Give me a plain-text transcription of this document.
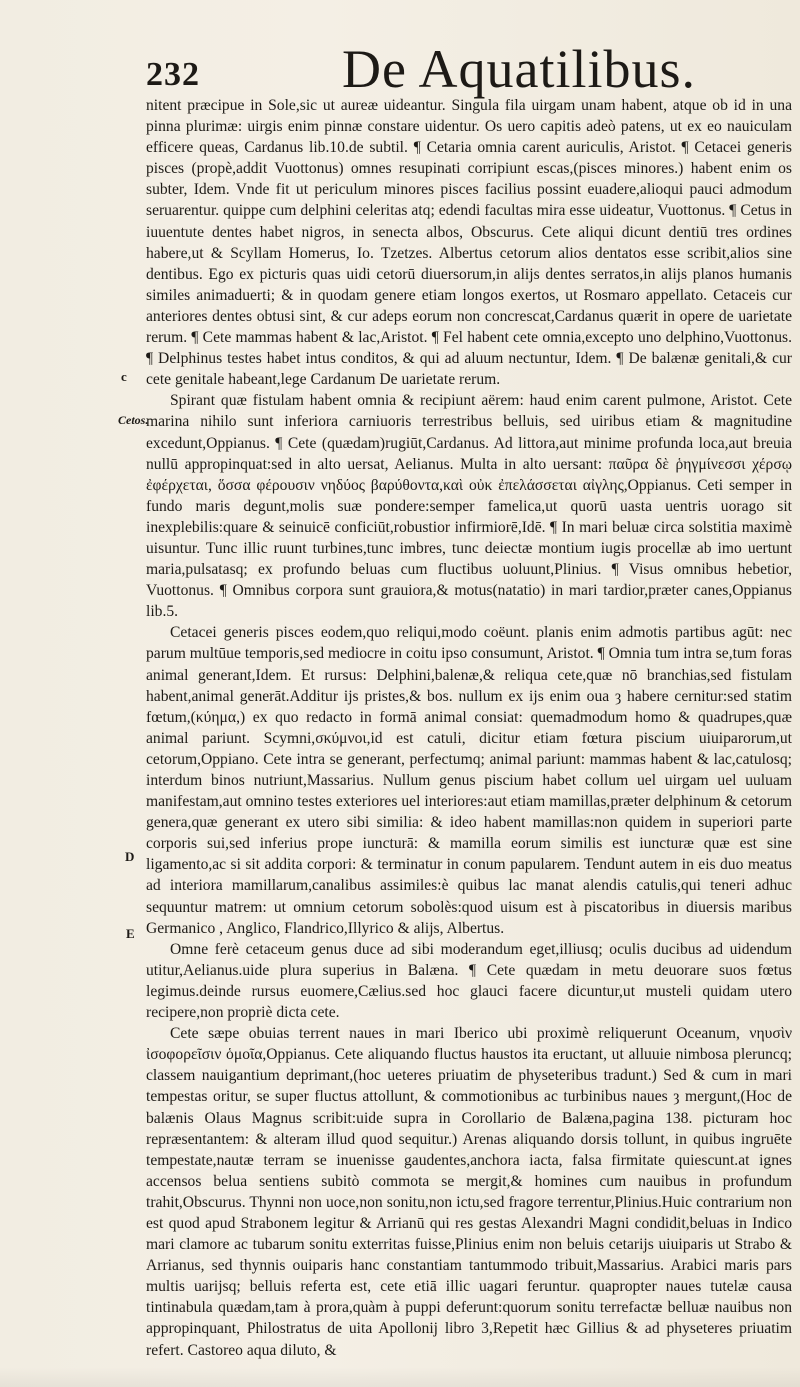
232	De Aquatilibus.
c
Cetos.
D
E

nitent præcipue in Sole,sic ut aureæ uideantur. Singula fila uirgam unam habent, atque ob id in una pinna plurimæ: uirgis enim pinnæ constare uidentur. Os uero capitis adeò patens, ut ex eo nauiculam efficere queas, Cardanus lib.10.de subtil. ¶ Cetaria omnia carent auriculis, Aristot. ¶ Cetacei generis pisces (propè,addit Vuottonus) omnes resupinati corripiunt escas,(pisces minores.) habent enim os subter, Idem. Vnde fit ut periculum minores pisces facilius possint euadere,alioqui pauci admodum seruarentur. quippe cum delphini celeritas atq; edendi facultas mira esse uideatur, Vuottonus. ¶ Cetus in iuuentute dentes habet nigros, in senecta albos, Obscurus. Cete aliqui dicunt dentiū tres ordines habere,ut & Scyllam Homerus, Io. Tzetzes. Albertus cetorum alios dentatos esse scribit,alios sine dentibus. Ego ex picturis quas uidi cetorū diuersorum,in alijs dentes serratos,in alijs planos humanis similes animaduerti; & in quodam genere etiam longos exertos, ut Rosmaro appellato. Cetaceis cur anteriores dentes obtusi sint, & cur adeps eorum non concrescat,Cardanus quærit in opere de uarietate rerum. ¶ Cete mammas habent & lac,Aristot. ¶ Fel habent cete omnia,excepto uno delphino,Vuottonus. ¶ Delphinus testes habet intus conditos, & qui ad aluum nectuntur, Idem. ¶ De balænæ genitali,& cur cete genitale habeant,lege Cardanum De uarietate rerum.

Spirant quæ fistulam habent omnia & recipiunt aërem: haud enim carent pulmone, Aristot. Cete marina nihilo sunt inferiora carniuoris terrestribus belluis, sed uiribus etiam & magnitudine excedunt,Oppianus. ¶ Cete (quædam)rugiūt,Cardanus. Ad littora,aut minime profunda loca,aut breuia nullū appropinquat:sed in alto uersat, Aelianus. Multa in alto uersant: παῦρα δὲ ῥηγμίνεσσι χέρσῳ ἐφέρχεται, ὅσσα φέρουσιν νηδύος βαρύθοντα,καὶ οὐκ ἐπελάσσεται αἰγλης,Oppianus. Ceti semper in fundo maris degunt,molis suæ pondere:semper famelica,ut quorū uasta uentris uorago sit inexplebilis:quare & seinuicē conficiūt,robustior infirmiorē,Idē. ¶ In mari beluæ circa solstitia maximè uisuntur. Tunc illic ruunt turbines,tunc imbres, tunc deiectæ montium iugis procellæ ab imo uertunt maria,pulsatasq; ex profundo beluas cum fluctibus uoluunt,Plinius. ¶ Visus omnibus hebetior, Vuottonus. ¶ Omnibus corpora sunt grauiora,& motus(natatio) in mari tardior,præter canes,Oppianus lib.5.

Cetacei generis pisces eodem,quo reliqui,modo coëunt. planis enim admotis partibus agūt: nec parum multūue temporis,sed mediocre in coitu ipso consumunt, Aristot. ¶ Omnia tum intra se,tum foras animal generant,Idem. Et rursus: Delphini,balenæ,& reliqua cete,quæ nō branchias,sed fistulam habent,animal generāt.Additur ijs pristes,& bos. nullum ex ijs enim oua ȝ habere cernitur:sed statim fœtum,(κύημα,) ex quo redacto in formā animal consiat: quemadmodum homo & quadrupes,quæ animal pariunt. Scymni,σκύμνοι,id est catuli, dicitur etiam fœtura piscium uiuiparorum,ut cetorum,Oppiano. Cete intra se generant, perfectumq; animal pariunt: mammas habent & lac,catulosq; interdum binos nutriunt,Massarius. Nullum genus piscium habet collum uel uirgam uel uuluam manifestam,aut omnino testes exteriores uel interiores:aut etiam mamillas,præter delphinum & cetorum genera,quæ generant ex utero sibi similia: & ideo habent mamillas:non quidem in superiori parte corporis sui,sed inferius prope iuncturā: & mamilla eorum similis est iuncturæ quæ est sine ligamento,ac si sit addita corpori: & terminatur in conum papularem. Tendunt autem in eis duo meatus ad interiora mamillarum,canalibus assimiles:è quibus lac manat alendis catulis,qui teneri adhuc sequuntur matrem: ut omnium cetorum sobolès:quod uisum est à piscatoribus in diuersis maribus Germanico , Anglico, Flandrico,Illyrico & alijs, Albertus.

Omne ferè cetaceum genus duce ad sibi moderandum eget,illiusq; oculis ducibus ad uidendum utitur,Aelianus.uide plura superius in Balæna. ¶ Cete quædam in metu deuorare suos fœtus legimus.deinde rursus euomere,Cælius.sed hoc glauci facere dicuntur,ut musteli quidam utero recipere,non propriè dicta cete.

Cete sæpe obuias terrent naues in mari Iberico ubi proximè reliquerunt Oceanum, νηυσὶν ἰσοφορεῖσιν ὁμοῖα,Oppianus. Cete aliquando fluctus haustos ita eructant, ut alluuie nimbosa pleruncq; classem nauigantium deprimant,(hoc ueteres priuatim de physeteribus tradunt.) Sed & cum in mari tempestas oritur, se super fluctus attollunt, & commotionibus ac turbinibus naues ȝ mergunt,(Hoc de balænis Olaus Magnus scribit:uide supra in Corollario de Balæna,pagina 138. picturam hoc repræsentantem: & alteram illud quod sequitur.) Arenas aliquando dorsis tollunt, in quibus ingruēte tempestate,nautæ terram se inuenisse gaudentes,anchora iacta, falsa firmitate quiescunt.at ignes accensos belua sentiens subitò commota se mergit,& homines cum nauibus in profundum trahit,Obscurus. Thynni non uoce,non sonitu,non ictu,sed fragore terrentur,Plinius.Huic contrarium non est quod apud Strabonem legitur & Arrianū qui res gestas Alexandri Magni condidit,beluas in Indico mari clamore ac tubarum sonitu exterritas fuisse,Plinius enim non beluis cetarijs uiuiparis ut Strabo & Arrianus, sed thynnis ouiparis hanc constantiam tantummodo tribuit,Massarius. Arabici maris pars multis uarijsq; belluis referta est, cete etiā illic uagari feruntur. quapropter naues tutelæ causa tintinabula quædam,tam à prora,quàm à puppi deferunt:quorum sonitu terrefactæ belluæ nauibus non appropinquant, Philostratus de uita Apollonij libro 3,Repetit hæc Gillius & ad physeteres priuatim refert. Castoreo aqua diluto, &
